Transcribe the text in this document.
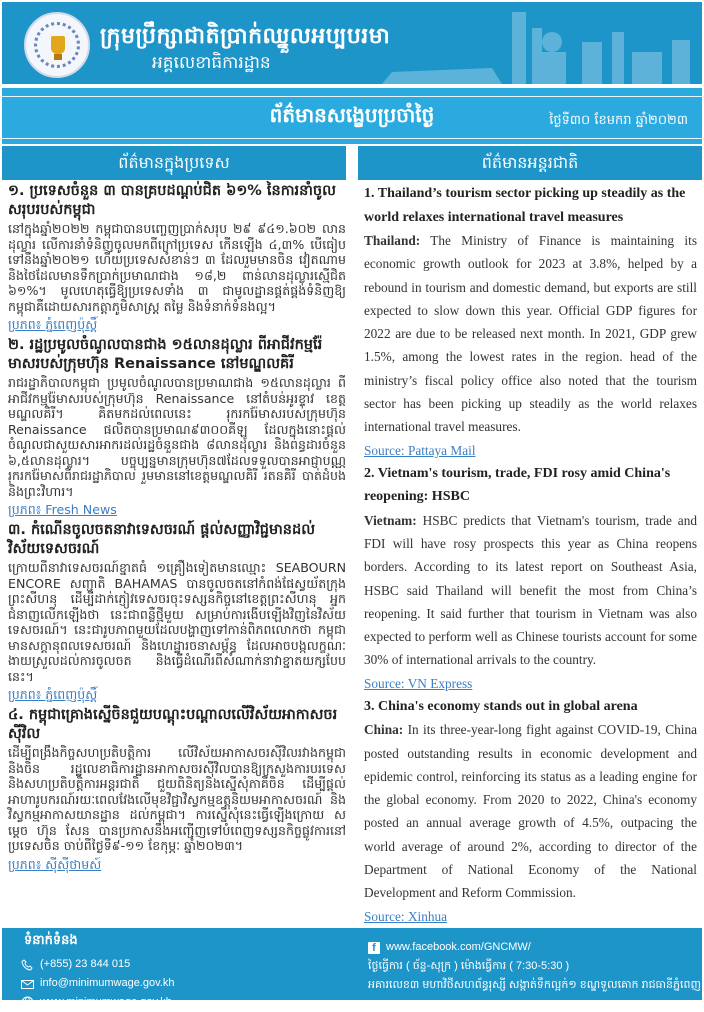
ក្រុមប្រឹក្សាជាតិប្រាក់ឈ្នួលអប្បបរមា
អគ្គលេខាធិការដ្ឋាន
ព័ត៌មានសង្ខេបប្រចាំថ្ងៃ	ថ្ងៃទី៣០ ខែមករា ឆ្នាំ២០២៣
ព័ត៌មានក្នុងប្រទេស	ព័ត៌មានអន្តរជាតិ
១. ប្រទេសចំនួន ៣ បានគ្របដណ្តប់ជិត ៦១% នៃការនាំចូលសរុបរបស់កម្ពុជា
នៅក្នុងឆ្នាំ២០២២ កម្ពុជាបានបញ្ចេញប្រាក់សរុប ២៩ ៩៤១.៦០២ លានដុល្លារ លើការនាំទំនិញចូលមកពីក្រៅប្រទេស កើនឡើង ៤,៣% បើធៀបទៅនឹងឆ្នាំ២០២១ ហើយប្រទេសសំខាន់ៗ ៣ ដែលរួមមានចិន វៀតណាម និងថៃដែលមានទឹកប្រាក់ប្រមាណជាង ១៨,២ ពាន់លានដុល្លារស្មើជិត ៦១%។ មូលហេតុធ្វើឱ្យប្រទេសទាំង ៣ ជាមូលដ្ឋានផ្គត់ផ្គង់ទំនិញឱ្យកម្ពុជាគឺដោយសារកត្តាភូមិសាស្ត្រ តម្លៃ និងទំនាក់ទំនងល្អ។
ប្រភព៖ ភ្នំពេញប៉ុស្តិ៍
២. រដ្ឋប្រមូលចំណូលបានជាង ១៥លានដុល្លារ ពីអាជីវកម្មរ៉ែមាសរបស់ក្រុមហ៊ុន Renaissance នៅមណ្ឌលគិរី
រាជរដ្ឋាភិបាលកម្ពុជា ប្រមូលចំណូលបានប្រមាណជាង ១៥លានដុល្លារ ពីអាជីវកម្មរ៉ែមាសរបស់ក្រុមហ៊ុន Renaissance នៅតំបន់អូរខ្ទាវ ខេត្តមណ្ឌលគិរី។ គិតមកដល់ពេលនេះ រុករករ៉ែមាសរបស់ក្រុមហ៊ុន Renaissance ផលិតបានប្រមាណ៩៣០០គីឡូ ដែលក្នុងនោះផ្តល់ចំណូលជាសួយសារអាករដល់រដ្ឋចំនួនជាង ៨លានដុល្លារ និងពន្ធដារចំនួន ៦,៥លានដុល្លារ។ បច្ចុប្បន្នមានក្រុមហ៊ុន៧ដែលទទួលបានអាជ្ញាបណ្ណរុករករ៉ែមាសពីរាជរដ្ឋាភិបាល រួមមាននៅខេត្តមណ្ឌលគិរី រតនគិរី បាត់ដំបង និងព្រះវិហារ។
ប្រភព៖ Fresh News
៣. កំណើនចូលចតនាវាទេសចរណ៍ ផ្តល់សញ្ញាវិជ្ជមានដល់វិស័យទេសចរណ៍
ក្រោយពីនាវាទេសចរណ៍ខ្នាតធំ ១គ្រឿងទៀតមានឈ្មោះ SEABOURN ENCORE សញ្ជាតិ BAHAMAS បានចូលចតនៅកំពង់ផែស្វយ័តក្រុងព្រះសីហនុ ដើម្បីដាក់ភ្ញៀវទេសចរចុះទស្សនកិច្ចនៅខេត្តព្រះសីហនុ អ្នកជំនាញលើកឡើងថា នេះជាពន្លឺថ្មីមួយ សម្រាប់ការងើបឡើងវិញនៃវិស័យទេសចរណ៍។ នេះជារូបភាពមួយដែលបង្ហាញទៅកាន់ពិភពលោកថា កម្ពុជាមានសក្តានុពលទេសចរណ៍ និងហេដ្ឋារចនាសម្ព័ន្ធ ដែលអាចបង្កលក្ខណៈងាយស្រួលដល់ការចូលចត និងធ្វើដំណើរពីសំណាក់នាវាខ្នាតយក្សបែបនេះ។
ប្រភព៖ ភ្នំពេញប៉ុស្តិ៍
៤. កម្ពុជាគ្រោងស្នើចិនជួយបណ្តុះបណ្តាលលើវិស័យអាកាសចរស៊ីវិល
ដើម្បីពង្រឹងកិច្ចសហប្រតិបត្តិការ លើវិស័យអាកាសចរស៊ីវិលរវាងកម្ពុជា និងចិន រដ្ឋលេខាធិការដ្ឋានអាកាសចរស៊ីវិលបានឱ្យក្រសួងការបរទេសនិងសហប្រតិបត្តិការអន្តរជាតិ ជួយពិនិត្យនិងស្នើសុំភាគីចិន ដើម្បីផ្តល់អាហារូបករណ៍រយៈពេលវែងលើមុខវិជ្ជាវិស្វកម្មឧត្តុនិយមអាកាសចរណ៍ និងវិស្វកម្មអាកាសយានដ្ឋាន ដល់កម្ពុជា។ ការស្នើសុំនេះធ្វើឡើងក្រោយ សម្តេច ហ៊ុន សែន បានប្រកាសនឹងអញ្ជើញទៅបំពេញទស្សនកិច្ចផ្លូវការនៅប្រទេសចិន ចាប់ពីថ្ងៃទី៩-១១ ខែកុម្ភៈ ឆ្នាំ២០២៣។
ប្រភព៖ ស៊ីស៊ីថាមស៍
1. Thailand’s tourism sector picking up steadily as the world relaxes international travel measures
Thailand: The Ministry of Finance is maintaining its economic growth outlook for 2023 at 3.8%, helped by a rebound in tourism and domestic demand, but exports are still expected to slow down this year. Official GDP figures for 2022 are due to be released next month. In 2021, GDP grew 1.5%, among the lowest rates in the region. head of the ministry’s fiscal policy office also noted that the tourism sector has been picking up steadily as the world relaxes international travel measures.
Source: Pattaya Mail
2. Vietnam's tourism, trade, FDI rosy amid China's reopening: HSBC
Vietnam: HSBC predicts that Vietnam's tourism, trade and FDI will have rosy prospects this year as China reopens borders. According to its latest report on Southeast Asia, HSBC said Thailand will benefit the most from China’s reopening. It said further that tourism in Vietnam was also expected to perform well as Chinese tourists account for some 30% of international arrivals to the country.
Source: VN Express
3. China's economy stands out in global arena
China: In its three-year-long fight against COVID-19, China posted outstanding results in economic development and epidemic control, reinforcing its status as a leading engine for the global economy. From 2020 to 2022, China's economy posted an annual average growth of 4.5%, outpacing the world average of around 2%, according to director of the Department of National Economy of the National Development and Reform Commission.
Source: Xinhua
ទំនាក់ទំនង
(+855) 23 844 015
info@minimumwage.gov.kh
www.minimumwage.gov.kh
f www.facebook.com/GNCMW/
ថ្ងៃធ្វើការ ( ច័ន្ទ-សុក្រ ) ម៉ោងធ្វើការ ( 7:30-5:30 )
អគារលេខ៣ មហាវិថីសហព័ន្ធរុស្សី សង្កាត់ទឹកល្អក់១ ខណ្ឌទួលគោក រាជធានីភ្នំពេញ
